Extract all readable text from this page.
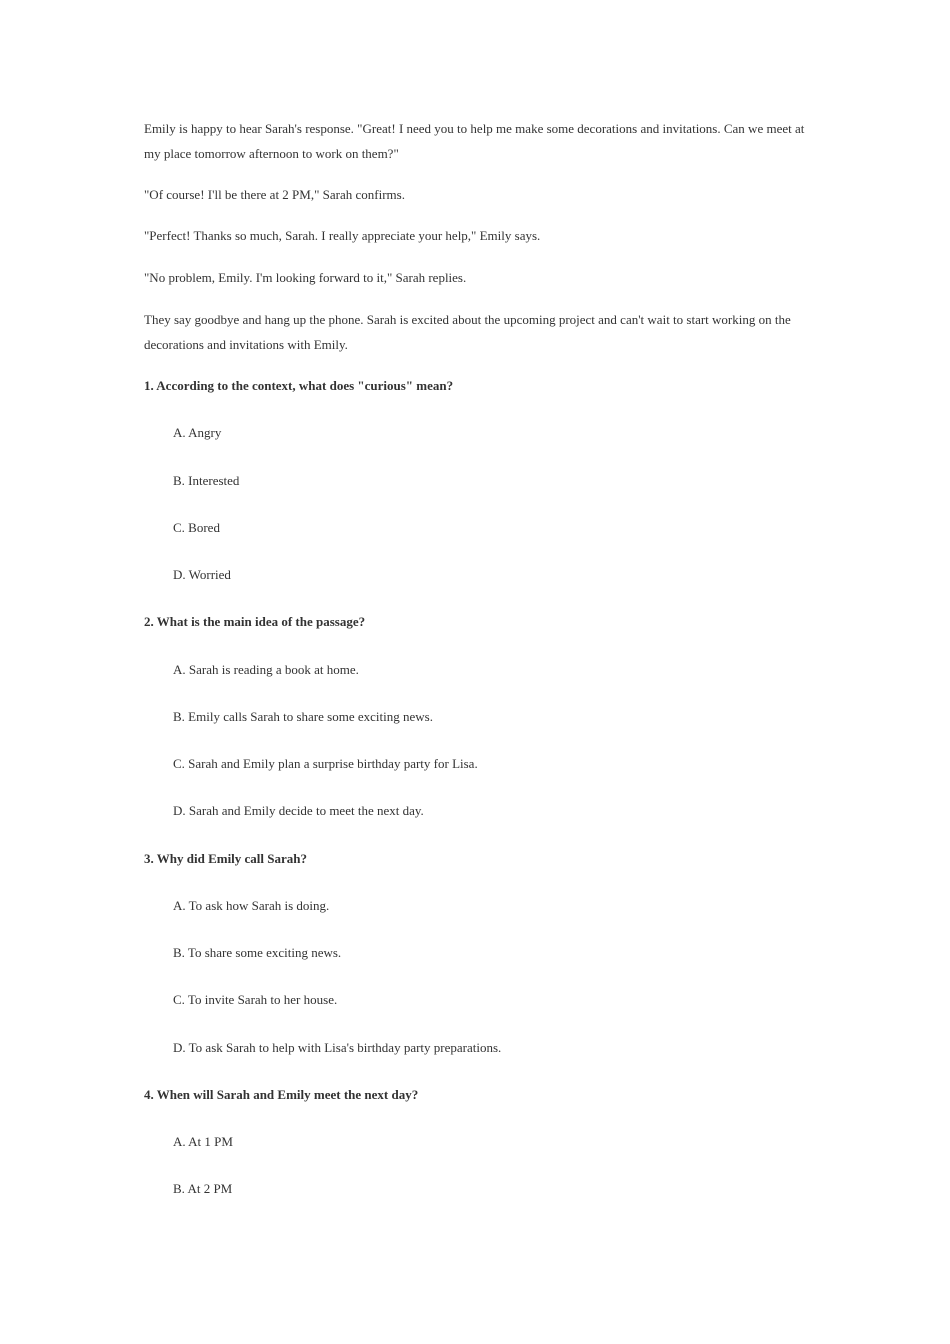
Emily is happy to hear Sarah's response. "Great! I need you to help me make some decorations and invitations. Can we meet at my place tomorrow afternoon to work on them?"

"Of course! I'll be there at 2 PM," Sarah confirms.

"Perfect! Thanks so much, Sarah. I really appreciate your help," Emily says.

"No problem, Emily. I'm looking forward to it," Sarah replies.

They say goodbye and hang up the phone. Sarah is excited about the upcoming project and can't wait to start working on the decorations and invitations with Emily.

1. According to the context, what does "curious" mean?

A. Angry

B. Interested

C. Bored

D. Worried

2. What is the main idea of the passage?

A. Sarah is reading a book at home.

B. Emily calls Sarah to share some exciting news.

C. Sarah and Emily plan a surprise birthday party for Lisa.

D. Sarah and Emily decide to meet the next day.

3. Why did Emily call Sarah?

A. To ask how Sarah is doing.

B. To share some exciting news.

C. To invite Sarah to her house.

D. To ask Sarah to help with Lisa's birthday party preparations.

4. When will Sarah and Emily meet the next day?

A. At 1 PM

B. At 2 PM
